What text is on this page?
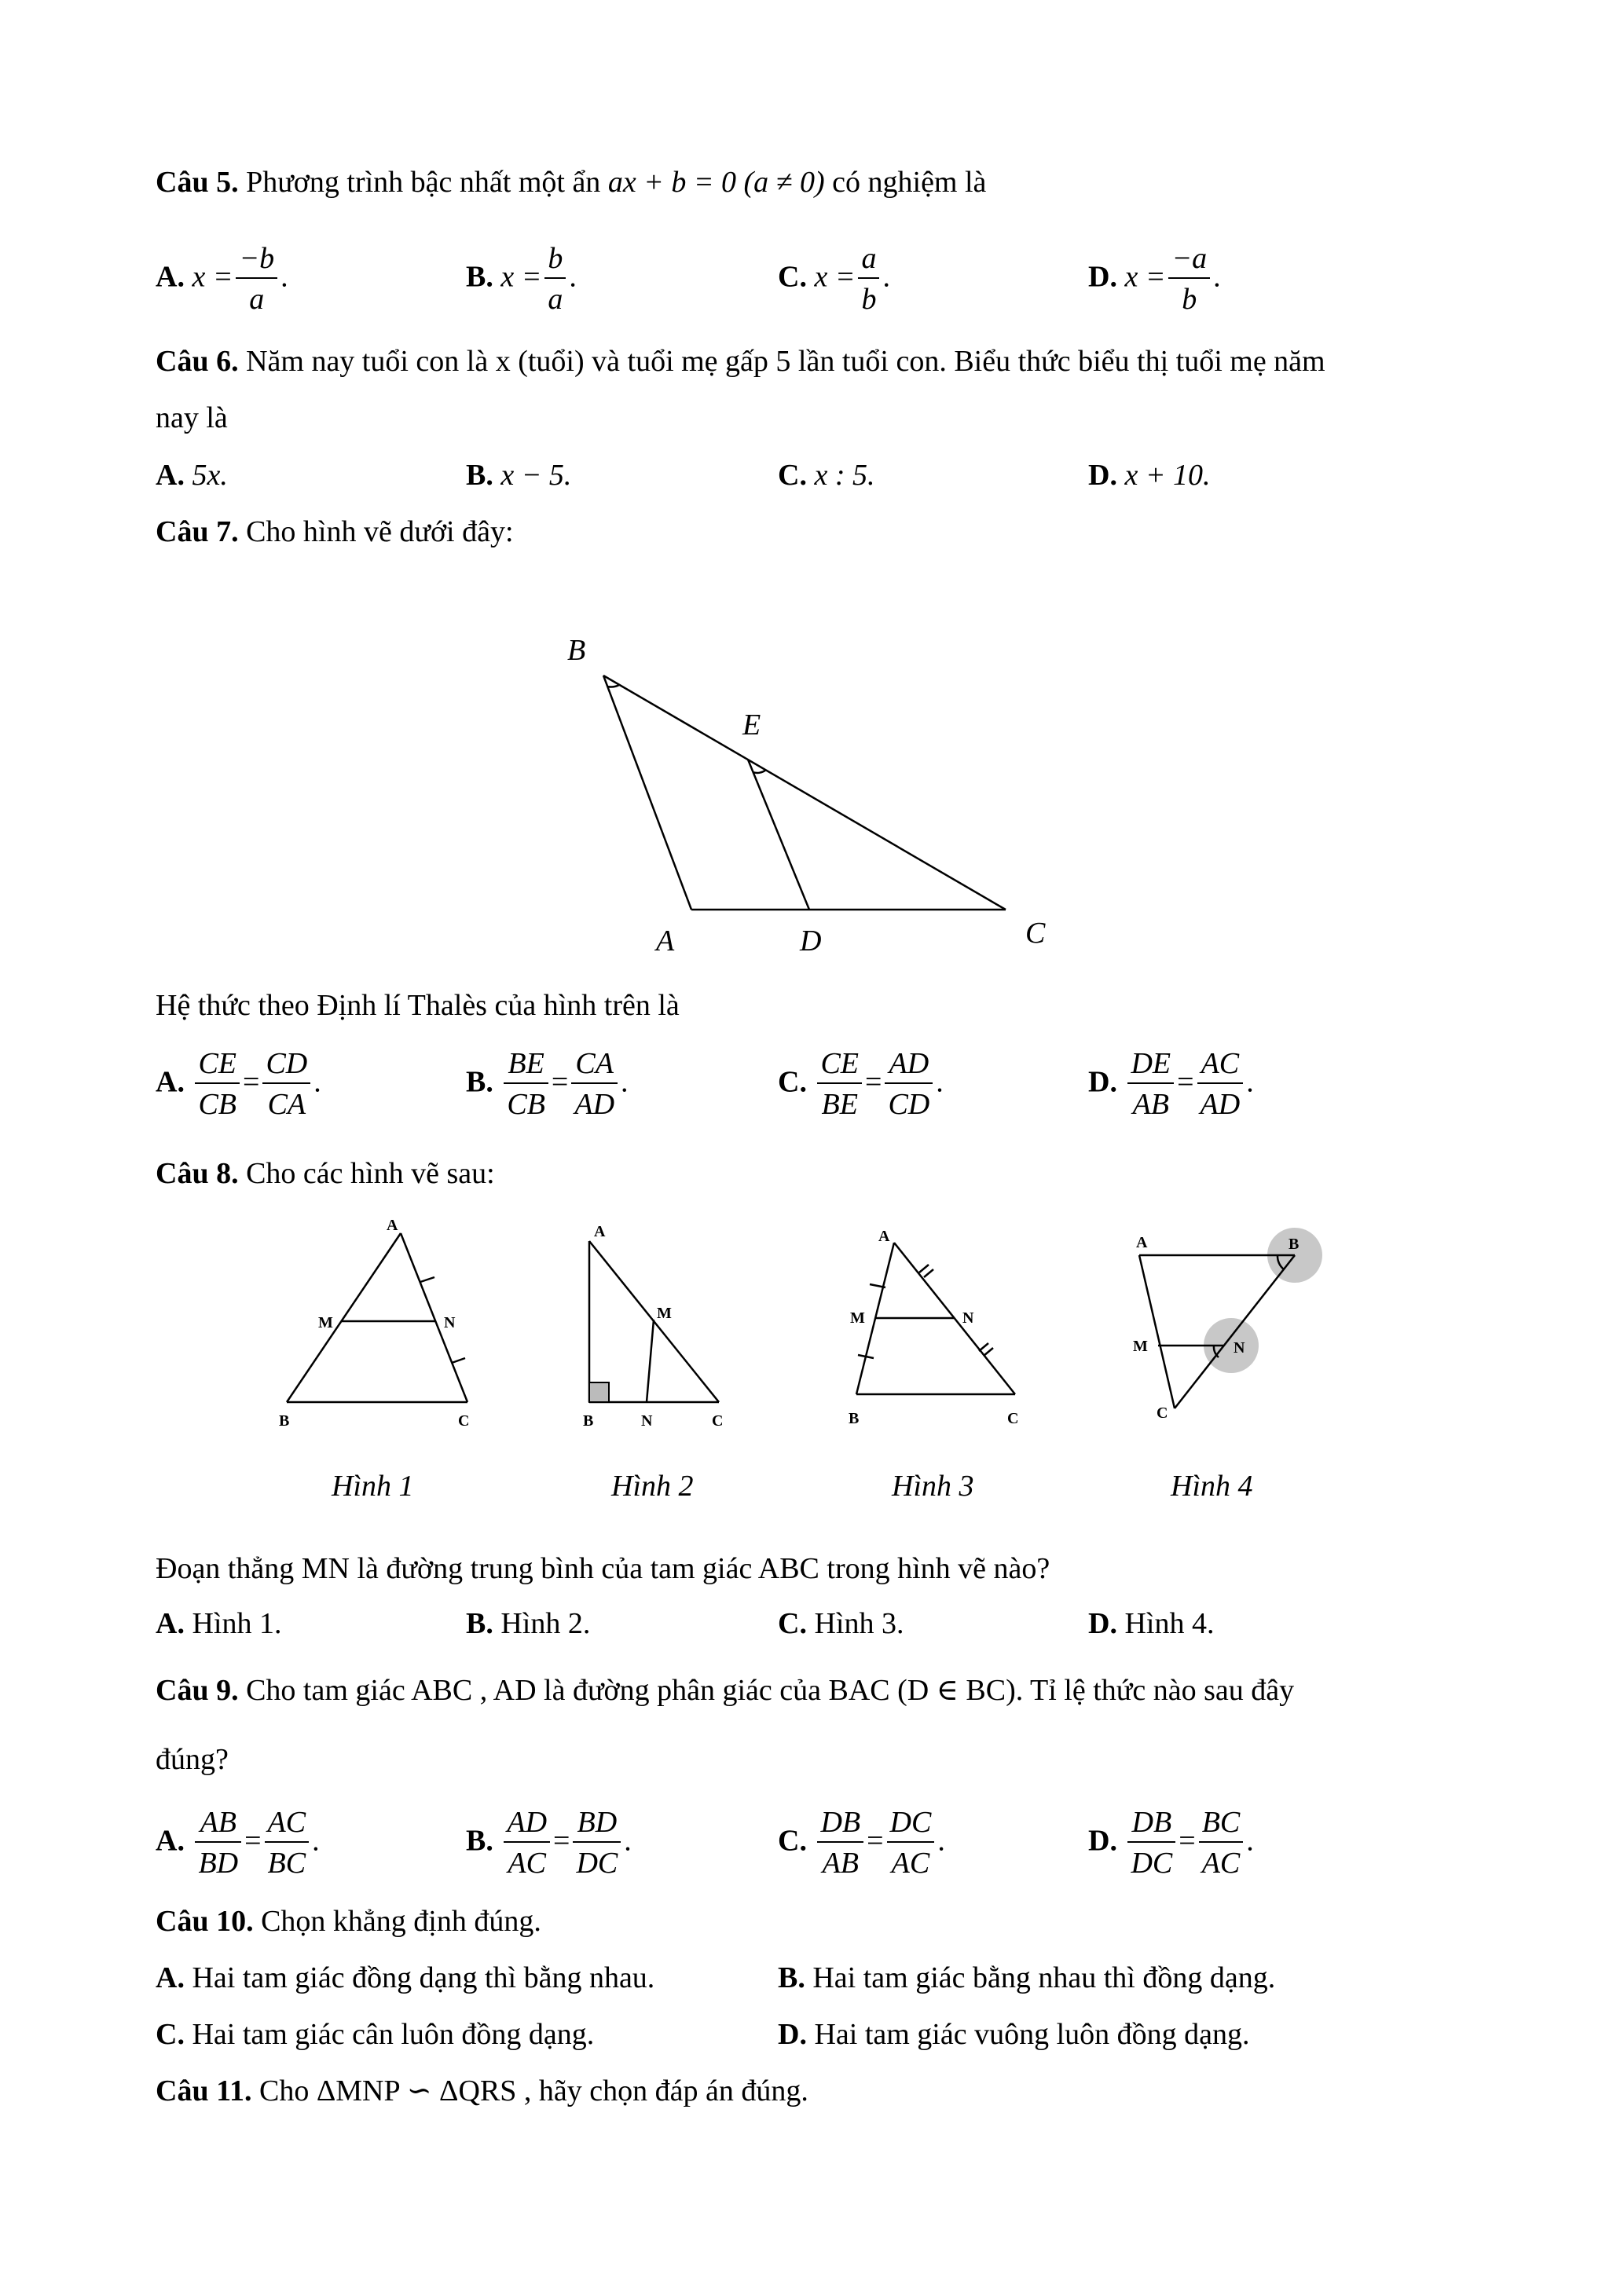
Câu 5. Phương trình bậc nhất một ẩn ax + b = 0 (a ≠ 0) có nghiệm là
A. $x = \frac{-b}{a}$ .	B. $x = \frac{b}{a}$ .	C. $x = \frac{a}{b}$ .	D. $x = \frac{-a}{b}$ .
Câu 6. Năm nay tuổi con là x (tuổi) và tuổi mẹ gấp 5 lần tuổi con. Biểu thức biểu thị tuổi mẹ năm
nay là
A. 5x.	B. x − 5.	C. x : 5.	D. x + 10.
Câu 7. Cho hình vẽ dưới đây:
B
E
A	D	C
Hệ thức theo Định lí Thalès của hình trên là
A. $\frac{CE}{CB} = \frac{CD}{CA}$ .	B. $\frac{BE}{CB} = \frac{CA}{AD}$ .	C. $\frac{CE}{BE} = \frac{AD}{CD}$ .	D. $\frac{DE}{AB} = \frac{AC}{AD}$ .
Câu 8. Cho các hình vẽ sau:
A
M	N
B	C
A
M
B	N	C
A
M	N
B	C
A	B
M	N
C
Hình 1	Hình 2	Hình 3	Hình 4
Đoạn thẳng MN là đường trung bình của tam giác ABC trong hình vẽ nào?
A. Hình 1.	B. Hình 2.	C. Hình 3.	D. Hình 4.
Câu 9. Cho tam giác ABC , AD là đường phân giác của BAC (D ∈ BC). Tỉ lệ thức nào sau đây
đúng?
A. $\frac{AB}{BD} = \frac{AC}{BC}$ .	B. $\frac{AD}{AC} = \frac{BD}{DC}$ .	C. $\frac{DB}{AB} = \frac{DC}{AC}$ .	D. $\frac{DB}{DC} = \frac{BC}{AC}$ .
Câu 10. Chọn khẳng định đúng.
A. Hai tam giác đồng dạng thì bằng nhau.	B. Hai tam giác bằng nhau thì đồng dạng.
C. Hai tam giác cân luôn đồng dạng.	D. Hai tam giác vuông luôn đồng dạng.
Câu 11. Cho ΔMNP ∽ ΔQRS , hãy chọn đáp án đúng.
